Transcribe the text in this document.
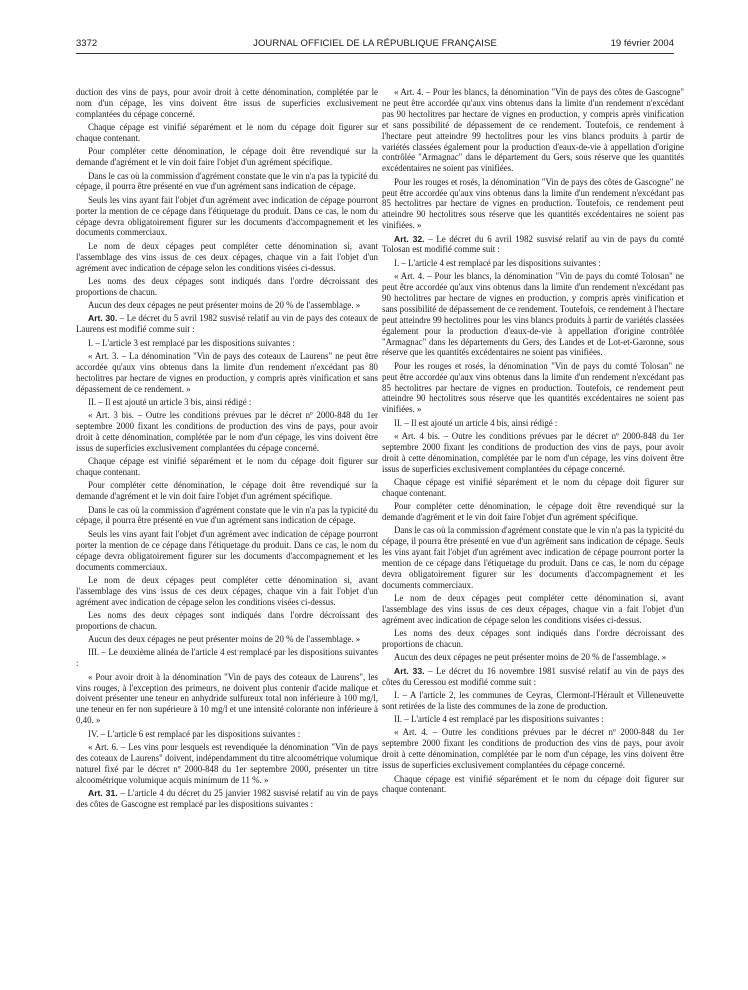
3372	JOURNAL OFFICIEL DE LA RÉPUBLIQUE FRANÇAISE	19 février 2004

duction des vins de pays, pour avoir droit à cette dénomination, complétée par le nom d'un cépage, les vins doivent être issus de superficies exclusivement complantées du cépage concerné.

Chaque cépage est vinifié séparément et le nom du cépage doit figurer sur chaque contenant.

Pour compléter cette dénomination, le cépage doit être revendiqué sur la demande d'agrément et le vin doit faire l'objet d'un agrément spécifique.

Dans le cas où la commission d'agrément constate que le vin n'a pas la typicité du cépage, il pourra être présenté en vue d'un agrément sans indication de cépage.

Seuls les vins ayant fait l'objet d'un agrément avec indication de cépage pourront porter la mention de ce cépage dans l'étiquetage du produit. Dans ce cas, le nom du cépage devra obligatoirement figurer sur les documents d'accompagnement et les documents commerciaux.

Le nom de deux cépages peut compléter cette dénomination si, avant l'assemblage des vins issus de ces deux cépages, chaque vin a fait l'objet d'un agrément avec indication de cépage selon les conditions visées ci-dessus.

Les noms des deux cépages sont indiqués dans l'ordre décroissant des proportions de chacun.

Aucun des deux cépages ne peut présenter moins de 20 % de l'assemblage. »

Art. 30. – Le décret du 5 avril 1982 susvisé relatif au vin de pays des coteaux de Laurens est modifié comme suit :

I. – L'article 3 est remplacé par les dispositions suivantes :

« Art. 3. – La dénomination "Vin de pays des coteaux de Laurens" ne peut être accordée qu'aux vins obtenus dans la limite d'un rendement n'excédant pas 80 hectolitres par hectare de vignes en production, y compris après vinification et sans dépassement de ce rendement. »

II. – Il est ajouté un article 3 bis, ainsi rédigé :

« Art. 3 bis. – Outre les conditions prévues par le décret nº 2000-848 du 1er septembre 2000 fixant les conditions de production des vins de pays, pour avoir droit à cette dénomination, complétée par le nom d'un cépage, les vins doivent être issus de superficies exclusivement complantées du cépage concerné.

Chaque cépage est vinifié séparément et le nom du cépage doit figurer sur chaque contenant.

Pour compléter cette dénomination, le cépage doit être revendiqué sur la demande d'agrément et le vin doit faire l'objet d'un agrément spécifique.

Dans le cas où la commission d'agrément constate que le vin n'a pas la typicité du cépage, il pourra être présenté en vue d'un agrément sans indication de cépage.

Seuls les vins ayant fait l'objet d'un agrément avec indication de cépage pourront porter la mention de ce cépage dans l'étiquetage du produit. Dans ce cas, le nom du cépage devra obligatoirement figurer sur les documents d'accompagnement et les documents commerciaux.

Le nom de deux cépages peut compléter cette dénomination si, avant l'assemblage des vins issus de ces deux cépages, chaque vin a fait l'objet d'un agrément avec indication de cépage selon les conditions visées ci-dessus.

Les noms des deux cépages sont indiqués dans l'ordre décroissant des proportions de chacun.

Aucun des deux cépages ne peut présenter moins de 20 % de l'assemblage. »

III. – Le deuxième alinéa de l'article 4 est remplacé par les dispositions suivantes :

« Pour avoir droit à la dénomination "Vin de pays des coteaux de Laurens", les vins rouges, à l'exception des primeurs, ne doivent plus contenir d'acide malique et doivent présenter une teneur en anhydride sulfureux total non inférieure à 100 mg/l, une teneur en fer non supérieure à 10 mg/l et une intensité colorante non inférieure à 0,40. »

IV. – L'article 6 est remplacé par les dispositions suivantes :

« Art. 6. – Les vins pour lesquels est revendiquée la dénomination "Vin de pays des coteaux de Laurens" doivent, indépendamment du titre alcoométrique volumique naturel fixé par le décret nº 2000-848 du 1er septembre 2000, présenter un titre alcoométrique volumique acquis minimum de 11 %. »

Art. 31. – L'article 4 du décret du 25 janvier 1982 susvisé relatif au vin de pays des côtes de Gascogne est remplacé par les dispositions suivantes :

« Art. 4. – Pour les blancs, la dénomination "Vin de pays des côtes de Gascogne" ne peut être accordée qu'aux vins obtenus dans la limite d'un rendement n'excédant pas 90 hectolitres par hectare de vignes en production, y compris après vinification et sans possibilité de dépassement de ce rendement. Toutefois, ce rendement à l'hectare peut atteindre 99 hectolitres pour les vins blancs produits à partir de variétés classées également pour la production d'eaux-de-vie à appellation d'origine contrôlée "Armagnac" dans le département du Gers, sous réserve que les quantités excédentaires ne soient pas vinifiées.

Pour les rouges et rosés, la dénomination "Vin de pays des côtes de Gascogne" ne peut être accordée qu'aux vins obtenus dans la limite d'un rendement n'excédant pas 85 hectolitres par hectare de vignes en production. Toutefois, ce rendement peut atteindre 90 hectolitres sous réserve que les quantités excédentaires ne soient pas vinifiées. »

Art. 32. – Le décret du 6 avril 1982 susvisé relatif au vin de pays du comté Tolosan est modifié comme suit :

I. – L'article 4 est remplacé par les dispositions suivantes :

« Art. 4. – Pour les blancs, la dénomination "Vin de pays du comté Tolosan" ne peut être accordée qu'aux vins obtenus dans la limite d'un rendement n'excédant pas 90 hectolitres par hectare de vignes en production, y compris après vinification et sans possibilité de dépassement de ce rendement. Toutefois, ce rendement à l'hectare peut atteindre 99 hectolitres pour les vins blancs produits à partir de variétés classées également pour la production d'eaux-de-vie à appellation d'origine contrôlée "Armagnac" dans les départements du Gers, des Landes et de Lot-et-Garonne, sous réserve que les quantités excédentaires ne soient pas vinifiées.

Pour les rouges et rosés, la dénomination "Vin de pays du comté Tolosan" ne peut être accordée qu'aux vins obtenus dans la limite d'un rendement n'excédant pas 85 hectolitres par hectare de vignes en production. Toutefois, ce rendement peut atteindre 90 hectolitres sous réserve que les quantités excédentaires ne soient pas vinifiées. »

II. – Il est ajouté un article 4 bis, ainsi rédigé :

« Art. 4 bis. – Outre les conditions prévues par le décret nº 2000-848 du 1er septembre 2000 fixant les conditions de production des vins de pays, pour avoir droit à cette dénomination, complétée par le nom d'un cépage, les vins doivent être issus de superficies exclusivement complantées du cépage concerné.

Chaque cépage est vinifié séparément et le nom du cépage doit figurer sur chaque contenant.

Pour compléter cette dénomination, le cépage doit être revendiqué sur la demande d'agrément et le vin doit faire l'objet d'un agrément spécifique.

Dans le cas où la commission d'agrément constate que le vin n'a pas la typicité du cépage, il pourra être présenté en vue d'un agrément sans indication de cépage. Seuls les vins ayant fait l'objet d'un agrément avec indication de cépage pourront porter la mention de ce cépage dans l'étiquetage du produit. Dans ce cas, le nom du cépage devra obligatoirement figurer sur les documents d'accompagnement et les documents commerciaux.

Le nom de deux cépages peut compléter cette dénomination si, avant l'assemblage des vins issus de ces deux cépages, chaque vin a fait l'objet d'un agrément avec indication de cépage selon les conditions visées ci-dessus.

Les noms des deux cépages sont indiqués dans l'ordre décroissant des proportions de chacun.

Aucun des deux cépages ne peut présenter moins de 20 % de l'assemblage. »

Art. 33. – Le décret du 16 novembre 1981 susvisé relatif au vin de pays des côtes du Ceressou est modifié comme suit :

I. – A l'article 2, les communes de Ceyras, Clermont-l'Hérault et Villeneuvette sont retirées de la liste des communes de la zone de production.

II. – L'article 4 est remplacé par les dispositions suivantes :

« Art. 4. – Outre les conditions prévues par le décret nº 2000-848 du 1er septembre 2000 fixant les conditions de production des vins de pays, pour avoir droit à cette dénomination, complétée par le nom d'un cépage, les vins doivent être issus de superficies exclusivement complantées du cépage concerné.

Chaque cépage est vinifié séparément et le nom du cépage doit figurer sur chaque contenant.
